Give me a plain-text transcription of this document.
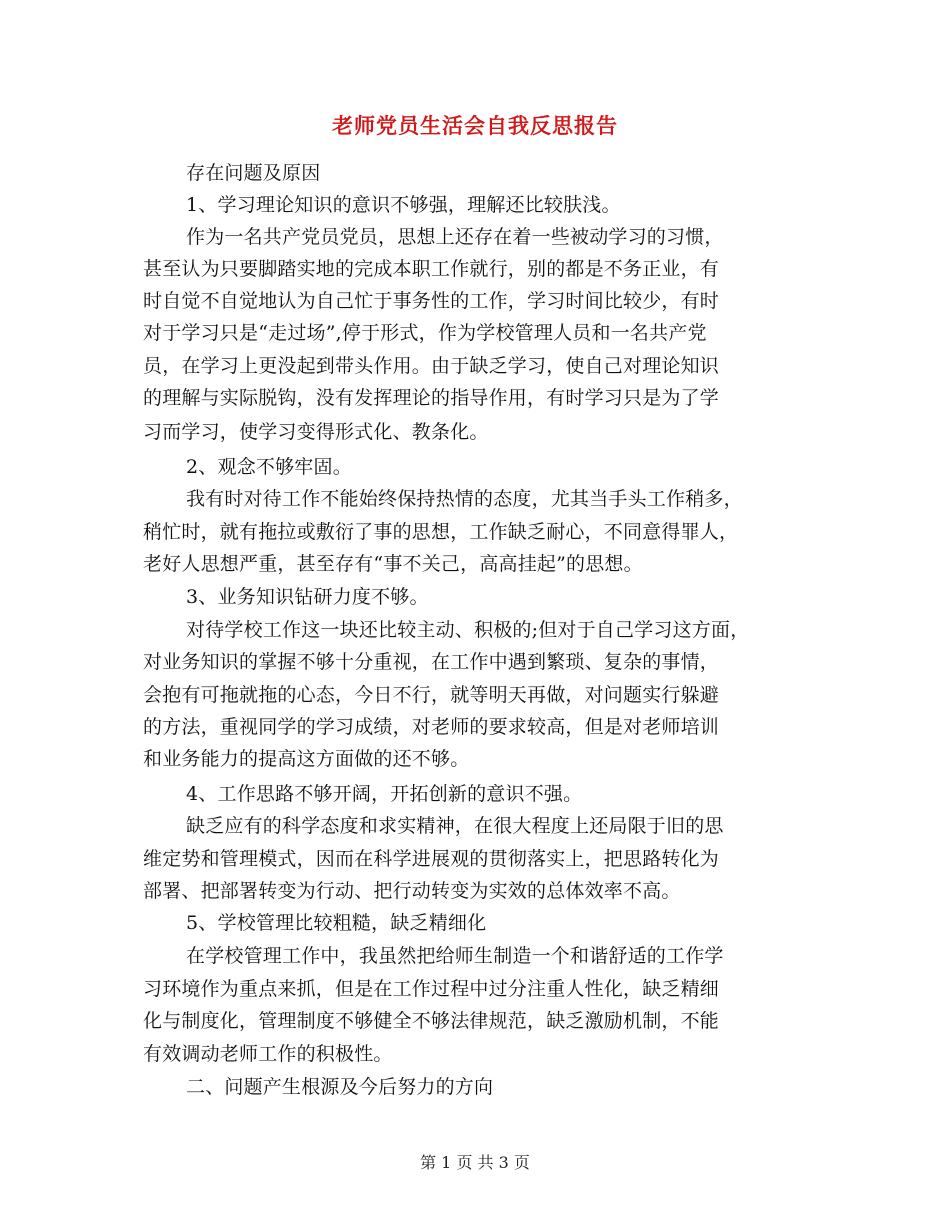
老师党员生活会自我反思报告
存在问题及原因
1、学习理论知识的意识不够强，理解还比较肤浅。
作为一名共产党员党员，思想上还存在着一些被动学习的习惯，
甚至认为只要脚踏实地的完成本职工作就行，别的都是不务正业，有
时自觉不自觉地认为自己忙于事务性的工作，学习时间比较少，有时
对于学习只是“走过场”,停于形式，作为学校管理人员和一名共产党
员，在学习上更没起到带头作用。由于缺乏学习，使自己对理论知识
的理解与实际脱钩，没有发挥理论的指导作用，有时学习只是为了学
习而学习，使学习变得形式化、教条化。
2、观念不够牢固。
我有时对待工作不能始终保持热情的态度，尤其当手头工作稍多，
稍忙时，就有拖拉或敷衍了事的思想，工作缺乏耐心，不同意得罪人，
老好人思想严重，甚至存有“事不关己，高高挂起”的思想。
3、业务知识钻研力度不够。
对待学校工作这一块还比较主动、积极的;但对于自己学习这方面，
对业务知识的掌握不够十分重视，在工作中遇到繁琐、复杂的事情，
会抱有可拖就拖的心态，今日不行，就等明天再做，对问题实行躲避
的方法，重视同学的学习成绩，对老师的要求较高，但是对老师培训
和业务能力的提高这方面做的还不够。
4、工作思路不够开阔，开拓创新的意识不强。
缺乏应有的科学态度和求实精神，在很大程度上还局限于旧的思
维定势和管理模式，因而在科学进展观的贯彻落实上，把思路转化为
部署、把部署转变为行动、把行动转变为实效的总体效率不高。
5、学校管理比较粗糙，缺乏精细化
在学校管理工作中，我虽然把给师生制造一个和谐舒适的工作学
习环境作为重点来抓，但是在工作过程中过分注重人性化，缺乏精细
化与制度化，管理制度不够健全不够法律规范，缺乏激励机制，不能
有效调动老师工作的积极性。
二、问题产生根源及今后努力的方向
第 1 页 共 3 页
